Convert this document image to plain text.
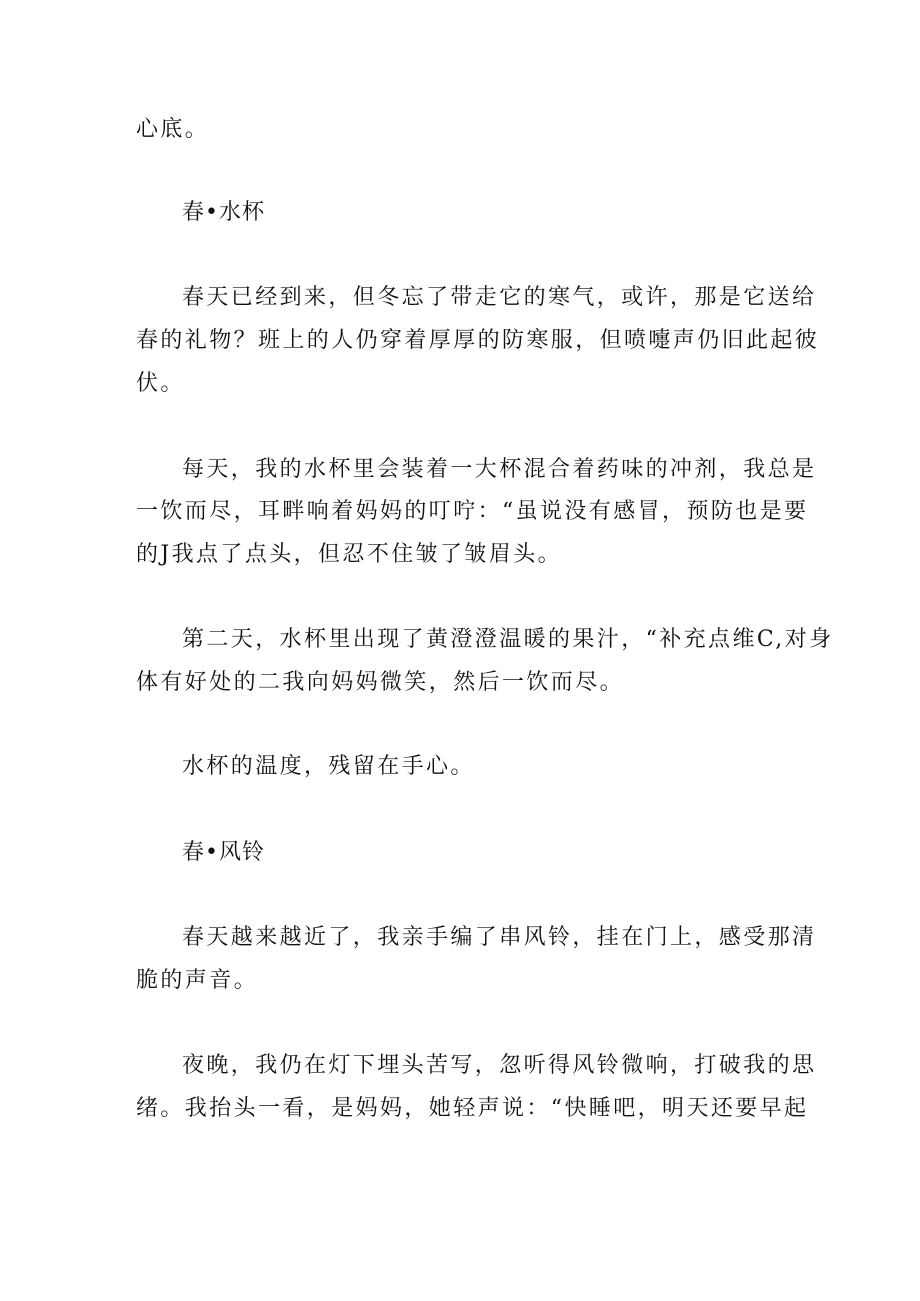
心底。
春•水杯
春天已经到来，但冬忘了带走它的寒气，或许，那是它送给
春的礼物？班上的人仍穿着厚厚的防寒服，但喷嚏声仍旧此起彼
伏。
每天，我的水杯里会装着一大杯混合着药味的冲剂，我总是
一饮而尽，耳畔响着妈妈的叮咛：“虽说没有感冒，预防也是要
的J我点了点头，但忍不住皱了皱眉头。
第二天，水杯里出现了黄澄澄温暖的果汁，“补充点维C,对身
体有好处的二我向妈妈微笑，然后一饮而尽。
水杯的温度，残留在手心。
春•风铃
春天越来越近了，我亲手编了串风铃，挂在门上，感受那清
脆的声音。
夜晚，我仍在灯下埋头苦写，忽听得风铃微响，打破我的思
绪。我抬头一看，是妈妈，她轻声说：“快睡吧，明天还要早起
